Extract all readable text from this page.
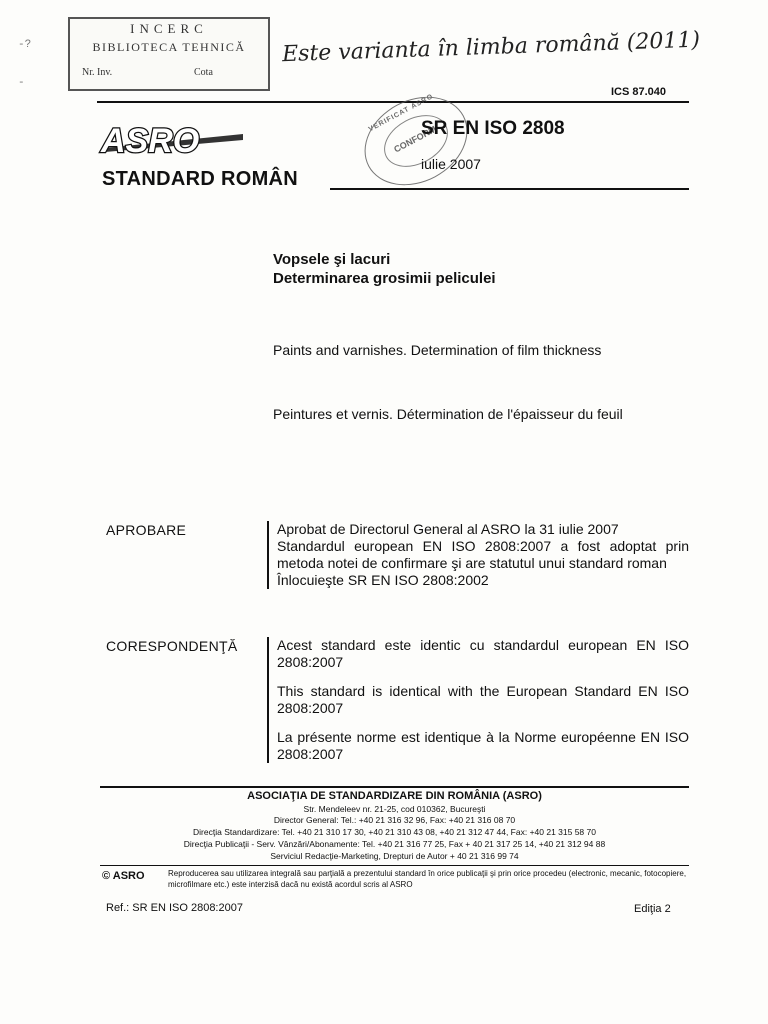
-?
-
INCERC
BIBLIOTECA TEHNICĂ
Nr. Inv.	Cota
Este varianta în limba română (2011)
ICS 87.040
ASRO
VERIFICAT ASRO
CONFORM
SR EN ISO 2808
iulie 2007
STANDARD ROMÂN
Vopsele şi lacuri
Determinarea grosimii peliculei
Paints and varnishes. Determination of film thickness
Peintures et vernis. Détermination de l'épaisseur du feuil
APROBARE	Aprobat de Directorul General al ASRO la 31 iulie 2007

Standardul european EN ISO 2808:2007 a fost adoptat prin metoda notei de confirmare şi are statutul unui standard roman

Înlocuieşte SR EN ISO 2808:2002

CORESPONDENŢĂ	Acest standard este identic cu standardul european EN ISO 2808:2007

This standard is identical with the European Standard EN ISO 2808:2007

La présente norme est identique à la Norme européenne EN ISO 2808:2007

ASOCIAŢIA DE STANDARDIZARE DIN ROMÂNIA (ASRO)
Str. Mendeleev nr. 21-25, cod 010362, Bucureşti
Director General: Tel.: +40 21 316 32 96, Fax: +40 21 316 08 70
Direcţia Standardizare: Tel. +40 21 310 17 30, +40 21 310 43 08, +40 21 312 47 44, Fax: +40 21 315 58 70
Direcţia Publicaţii - Serv. Vânzări/Abonamente: Tel. +40 21 316 77 25, Fax + 40 21 317 25 14, +40 21 312 94 88
Serviciul Redacţie-Marketing, Drepturi de Autor + 40 21 316 99 74
© ASRO	Reproducerea sau utilizarea integrală sau parţială a prezentului standard în orice publicaţii şi prin orice procedeu (electronic, mecanic, fotocopiere, microfilmare etc.) este interzisă dacă nu există acordul scris al ASRO
Ref.: SR EN ISO 2808:2007	Ediţia 2
